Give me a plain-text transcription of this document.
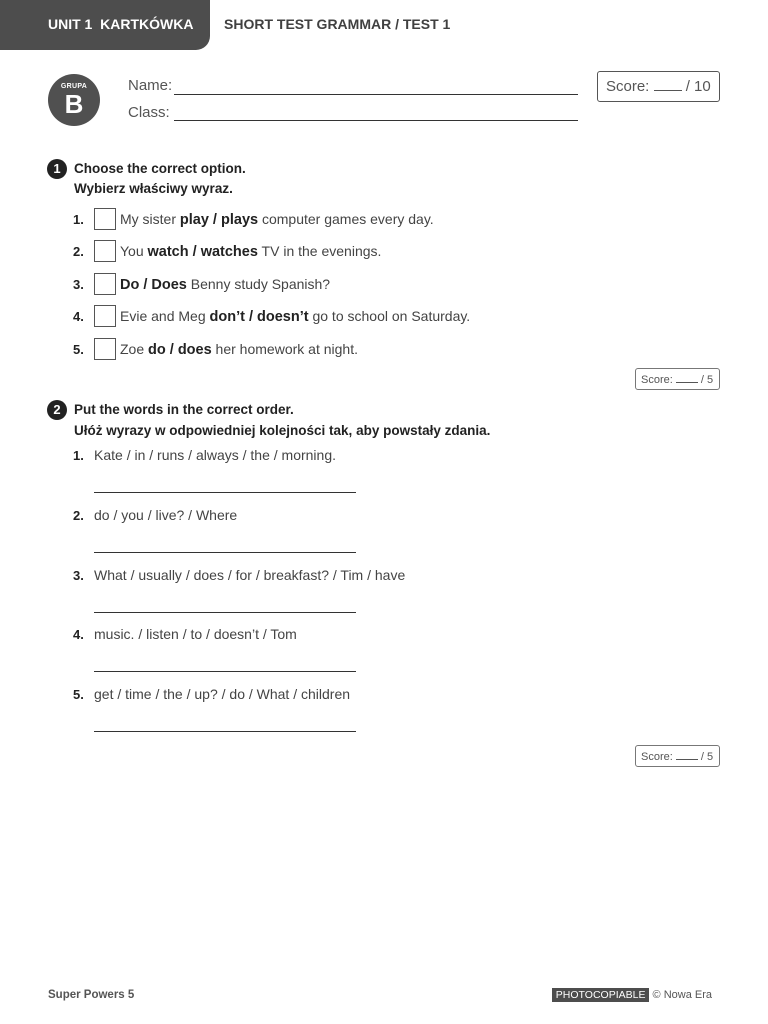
UNIT 1 KARTKÓWKA	SHORT TEST GRAMMAR / TEST 1
GRUPA
B
Name:
Class:
Score: / 10
1 Choose the correct option.
Wybierz właściwy wyraz.
1.	My sister play / plays computer games every day.
2.	You watch / watches TV in the evenings.
3. Do / Does Benny study Spanish?
4.	Evie and Meg don’t / doesn’t go to school on Saturday.
5.	Zoe do / does her homework at night.
Score:	/ 5
2 Put the words in the correct order.
Ułóż wyrazy w odpowiedniej kolejności tak, aby powstały zdania.
1. Kate / in / runs / always / the / morning.
2. do / you / live? / Where
3. What / usually / does / for / breakfast? / Tim / have
4. music. / listen / to / doesn’t / Tom
5. get / time / the / up? / do / What / children
Score:	/ 5
Super Powers 5	PHOTOCOPIABLE © Nowa Era
